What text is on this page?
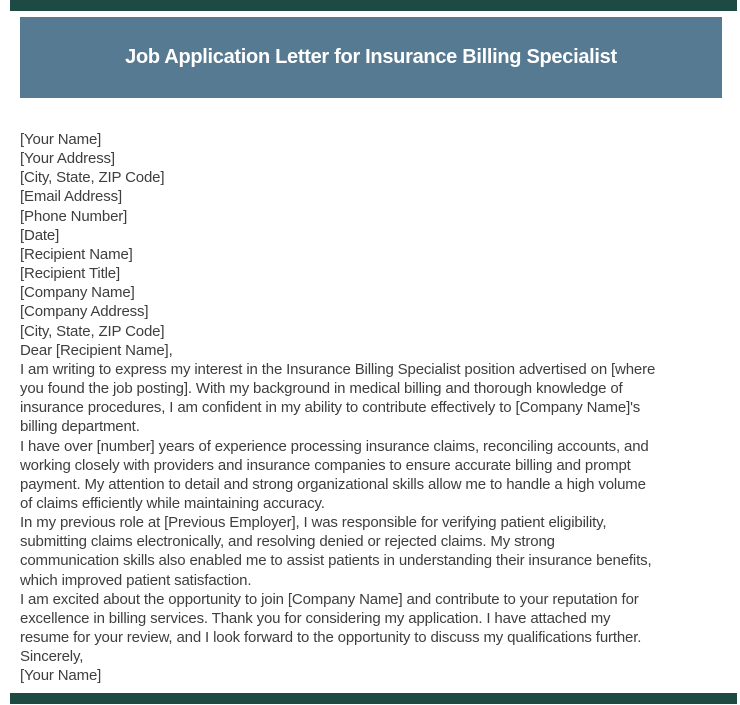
Job Application Letter for Insurance Billing Specialist
[Your Name]
[Your Address]
[City, State, ZIP Code]
[Email Address]
[Phone Number]
[Date]
[Recipient Name]
[Recipient Title]
[Company Name]
[Company Address]
[City, State, ZIP Code]
Dear [Recipient Name],
I am writing to express my interest in the Insurance Billing Specialist position advertised on [where
you found the job posting]. With my background in medical billing and thorough knowledge of
insurance procedures, I am confident in my ability to contribute effectively to [Company Name]'s
billing department.
I have over [number] years of experience processing insurance claims, reconciling accounts, and
working closely with providers and insurance companies to ensure accurate billing and prompt
payment. My attention to detail and strong organizational skills allow me to handle a high volume
of claims efficiently while maintaining accuracy.
In my previous role at [Previous Employer], I was responsible for verifying patient eligibility,
submitting claims electronically, and resolving denied or rejected claims. My strong
communication skills also enabled me to assist patients in understanding their insurance benefits,
which improved patient satisfaction.
I am excited about the opportunity to join [Company Name] and contribute to your reputation for
excellence in billing services. Thank you for considering my application. I have attached my
resume for your review, and I look forward to the opportunity to discuss my qualifications further.
Sincerely,
[Your Name]
